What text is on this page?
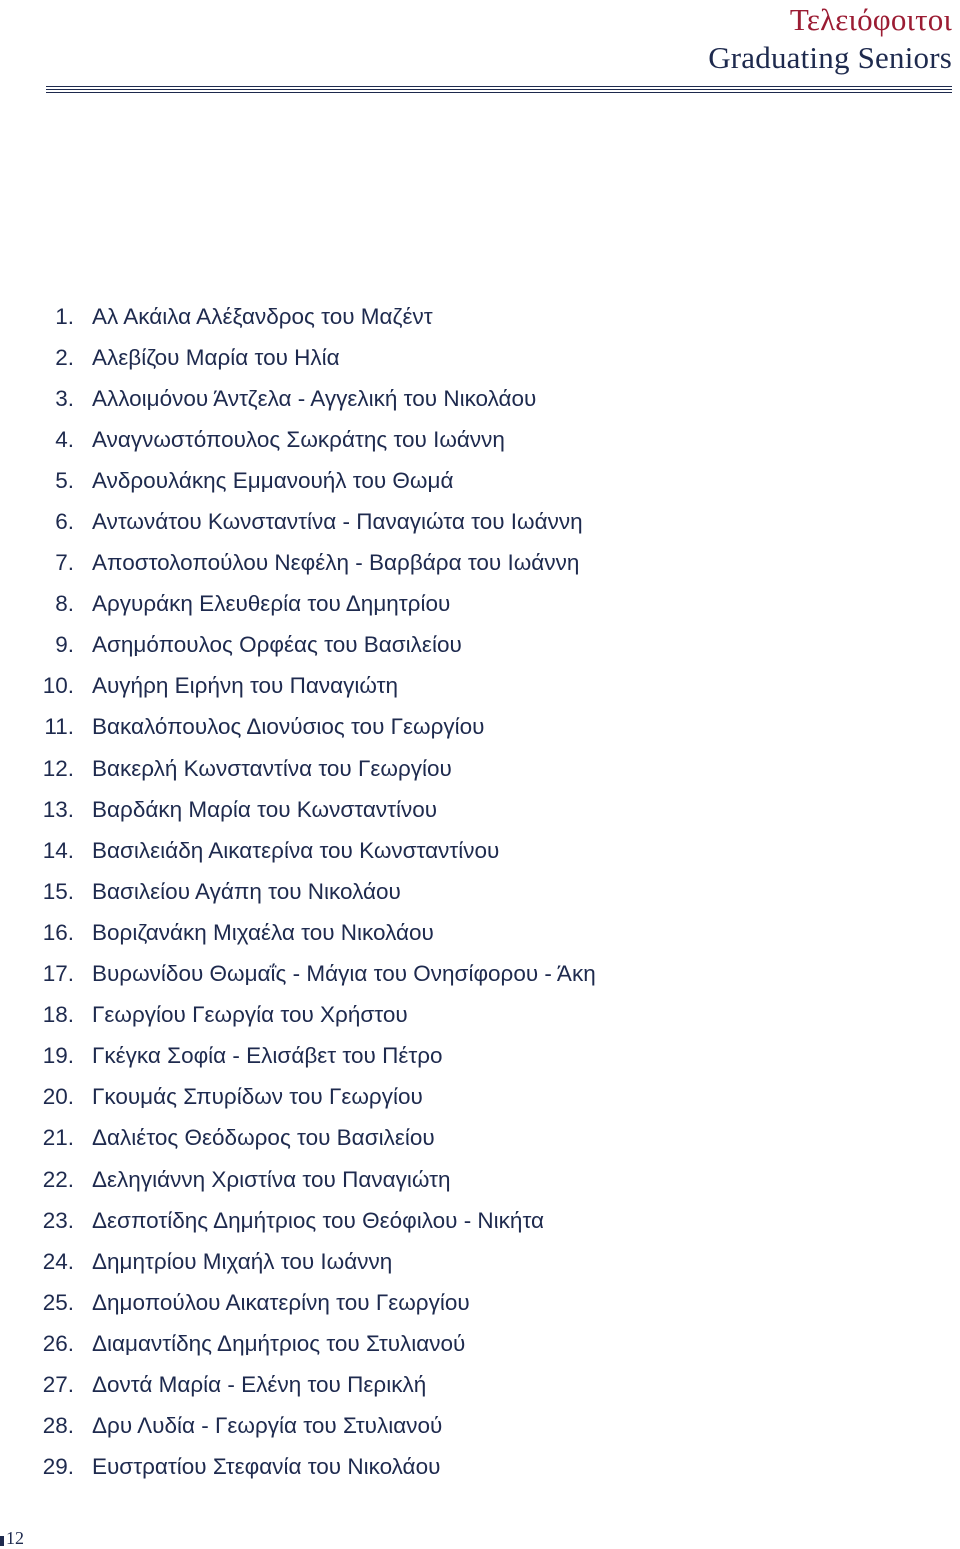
Τελειόφοιτοι
Graduating Seniors
1. Αλ Ακάιλα Αλέξανδρος του Μαζέντ
2. Αλεβίζου Μαρία του Ηλία
3. Αλλοιμόνου Άντζελα - Αγγελική του Νικολάου
4. Αναγνωστόπουλος Σωκράτης του Ιωάννη
5. Ανδρουλάκης Εμμανουήλ του Θωμά
6. Αντωνάτου Κωνσταντίνα - Παναγιώτα του Ιωάννη
7. Αποστολοπούλου Νεφέλη - Βαρβάρα του Ιωάννη
8. Αργυράκη Ελευθερία του Δημητρίου
9. Ασημόπουλος Ορφέας του Βασιλείου
10. Αυγήρη Ειρήνη του Παναγιώτη
11. Βακαλόπουλος Διονύσιος του Γεωργίου
12. Βακερλή Κωνσταντίνα του Γεωργίου
13. Βαρδάκη Μαρία του Κωνσταντίνου
14. Βασιλειάδη Αικατερίνα του Κωνσταντίνου
15. Βασιλείου Αγάπη του Νικολάου
16. Βοριζανάκη Μιχαέλα του Νικολάου
17. Βυρωνίδου Θωμαΐς - Μάγια του Ονησίφορου - Άκη
18. Γεωργίου Γεωργία του Χρήστου
19. Γκέγκα Σοφία - Ελισάβετ του Πέτρο
20. Γκουμάς Σπυρίδων του Γεωργίου
21. Δαλιέτος Θεόδωρος του Βασιλείου
22. Δεληγιάννη Χριστίνα του Παναγιώτη
23. Δεσποτίδης Δημήτριος του Θεόφιλου - Νικήτα
24. Δημητρίου Μιχαήλ του Ιωάννη
25. Δημοπούλου Αικατερίνη του Γεωργίου
26. Διαμαντίδης Δημήτριος του Στυλιανού
27. Δοντά Μαρία - Ελένη του Περικλή
28. Δρυ Λυδία - Γεωργία του Στυλιανού
29. Ευστρατίου Στεφανία του Νικολάου
12
